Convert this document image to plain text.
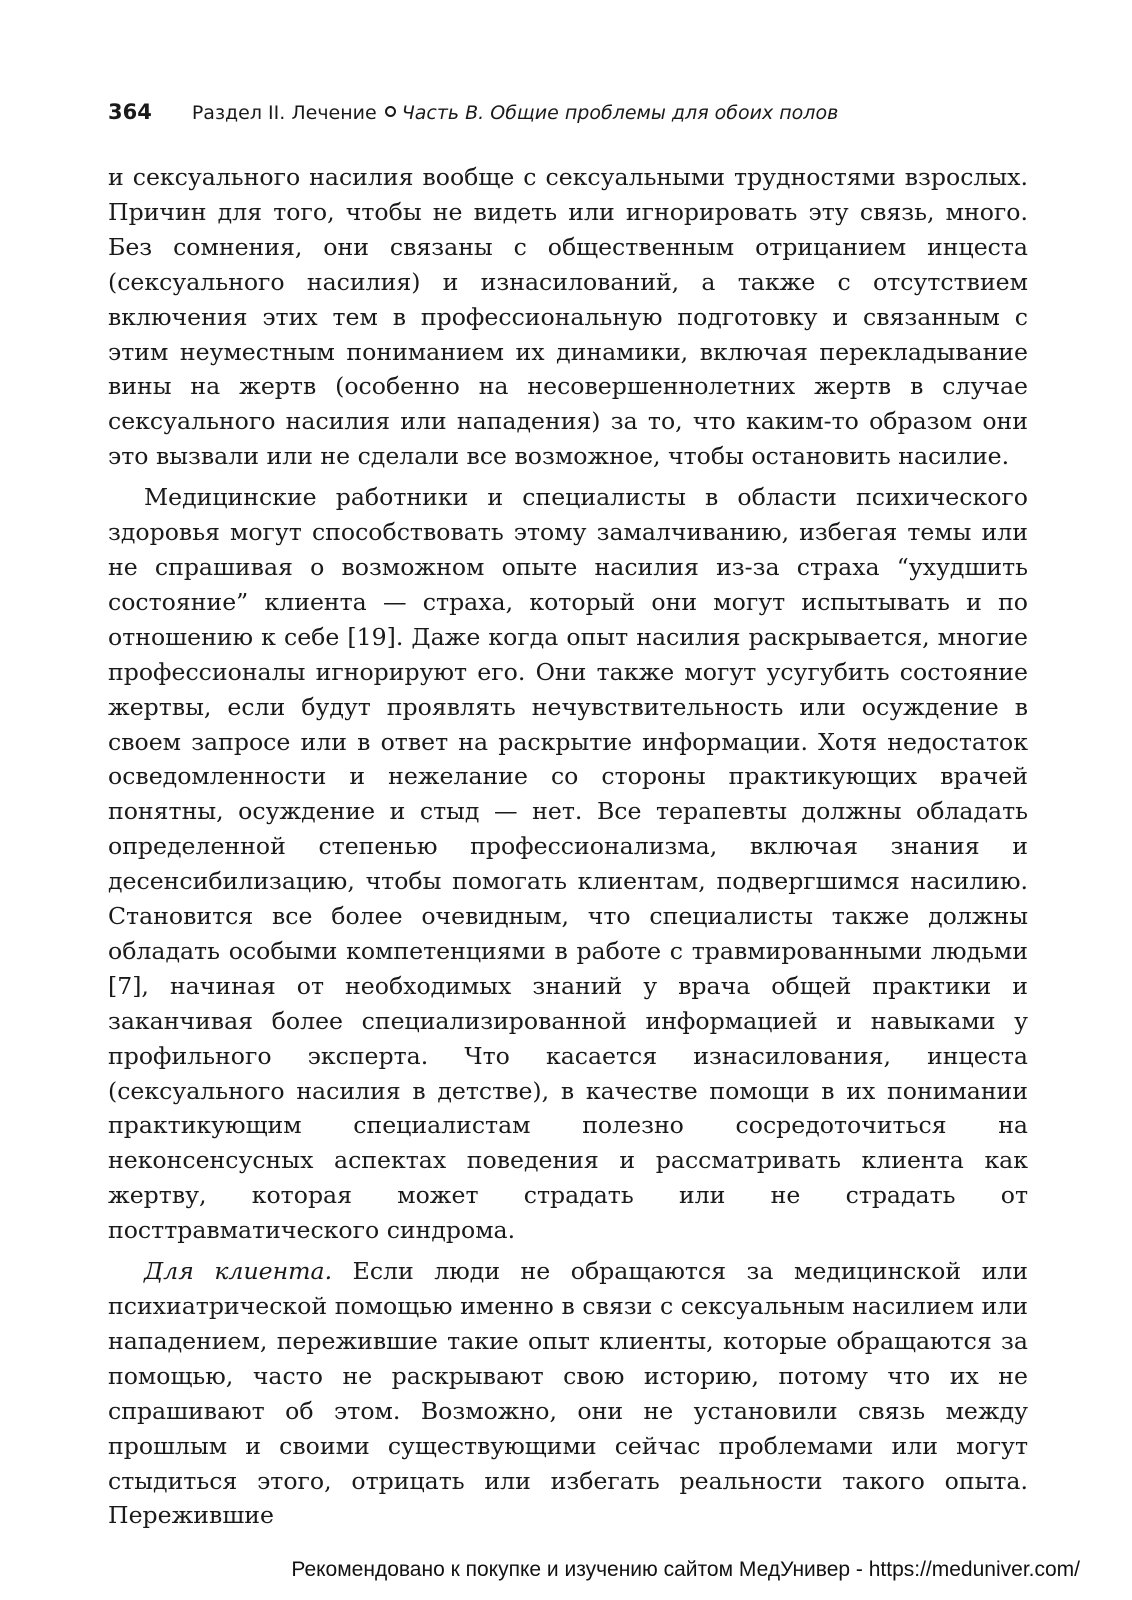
364 Раздел II. Лечение Часть B. Общие проблемы для обоих полов

и сексуального насилия вообще с сексуальными трудностями взрослых. Причин для того, чтобы не видеть или игнорировать эту связь, много. Без сомнения, они связаны с общественным отрицанием инцеста (сексуального насилия) и изнасилований, а также с отсутствием включения этих тем в профессиональную подготовку и связанным с этим неуместным пониманием их динамики, включая перекладывание вины на жертв (особенно на несовершеннолетних жертв в случае сексуального насилия или нападения) за то, что каким-то образом они это вызвали или не сделали все возможное, чтобы остановить насилие.

Медицинские работники и специалисты в области психического здоровья могут способствовать этому замалчиванию, избегая темы или не спрашивая о возможном опыте насилия из-за страха “ухудшить состояние” клиента — страха, который они могут испытывать и по отношению к себе [19]. Даже когда опыт насилия раскрывается, многие профессионалы игнорируют его. Они также могут усугубить состояние жертвы, если будут проявлять нечувствительность или осуждение в своем запросе или в ответ на раскрытие информации. Хотя недостаток осведомленности и нежелание со стороны практикующих врачей понятны, осуждение и стыд — нет. Все терапевты должны обладать определенной степенью профессионализма, включая знания и десенсибилизацию, чтобы помогать клиентам, подвергшимся насилию. Становится все более очевидным, что специалисты также должны обладать особыми компетенциями в работе с травмированными людьми [7], начиная от необходимых знаний у врача общей практики и заканчивая более специализированной информацией и навыками у профильного эксперта. Что касается изнасилования, инцеста (сексуального насилия в детстве), в качестве помощи в их понимании практикующим специалистам полезно сосредоточиться на неконсенсусных аспектах поведения и рассматривать клиента как жертву, которая может страдать или не страдать от посттравматического синдрома.

Для клиента. Если люди не обращаются за медицинской или психиатрической помощью именно в связи с сексуальным насилием или нападением, пережившие такие опыт клиенты, которые обращаются за помощью, часто не раскрывают свою историю, потому что их не спрашивают об этом. Возможно, они не установили связь между прошлым и своими существующими сейчас проблемами или могут стыдиться этого, отрицать или избегать реальности такого опыта. Пережившие

Рекомендовано к покупке и изучению сайтом МедУнивер - https://meduniver.com/
